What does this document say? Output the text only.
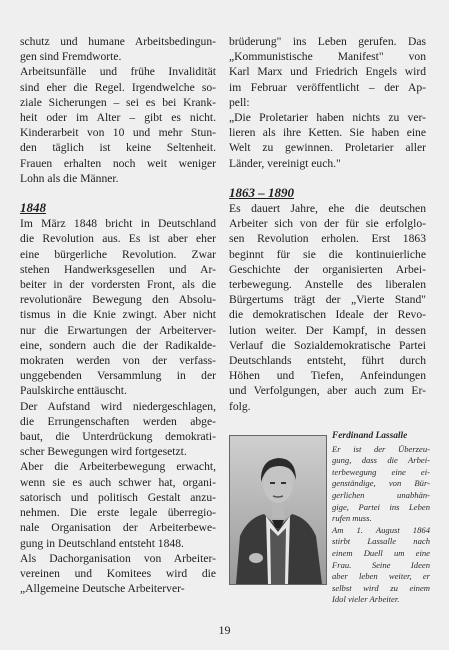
schutz und humane Arbeitsbedingun-
gen sind Fremdworte.
Arbeitsunfälle und frühe Invalidität
sind eher die Regel. Irgendwelche so-
ziale Sicherungen – sei es bei Krank-
heit oder im Alter – gibt es nicht.
Kinderarbeit von 10 und mehr Stun-
den täglich ist keine Seltenheit.
Frauen erhalten noch weit weniger
Lohn als die Männer.
1848
Im März 1848 bricht in Deutschland
die Revolution aus. Es ist aber eher
eine bürgerliche Revolution. Zwar
stehen Handwerksgesellen und Ar-
beiter in der vordersten Front, als die
revolutionäre Bewegung den Absolu-
tismus in die Knie zwingt. Aber nicht
nur die Erwartungen der Arbeiterver-
eine, sondern auch die der Radikalde-
mokraten werden von der verfass-
unggebenden Versammlung in der
Paulskirche enttäuscht.
Der Aufstand wird niedergeschlagen,
die Errungenschaften werden abge-
baut, die Unterdrückung demokrati-
scher Bewegungen wird fortgesetzt.
Aber die Arbeiterbewegung erwacht,
wenn sie es auch schwer hat, organi-
satorisch und politisch Gestalt anzu-
nehmen. Die erste legale überregio-
nale Organisation der Arbeiterbewe-
gung in Deutschland entsteht 1848.
Als Dachorganisation von Arbeiter-
vereinen und Komitees wird die
„Allgemeine Deutsche Arbeiterver-
brüderung" ins Leben gerufen. Das
„Kommunistische Manifest" von
Karl Marx und Friedrich Engels wird
im Februar veröffentlicht – der Ap-
pell:
„Die Proletarier haben nichts zu ver-
lieren als ihre Ketten. Sie haben eine
Welt zu gewinnen. Proletarier aller
Länder, vereinigt euch."
1863 – 1890
Es dauert Jahre, ehe die deutschen
Arbeiter sich von der für sie erfolglo-
sen Revolution erholen. Erst 1863
beginnt für sie die kontinuierliche
Geschichte der organisierten Arbei-
terbewegung. Anstelle des liberalen
Bürgertums trägt der „Vierte Stand"
die demokratischen Ideale der Revo-
lution weiter. Der Kampf, in dessen
Verlauf die Sozialdemokratische Partei
Deutschlands entsteht, führt durch
Höhen und Tiefen, Anfeindungen
und Verfolgungen, aber auch zum Er-
folg.
Ferdinand Lassalle
Er ist der Überzeu-
gung, dass die Arbei-
terbewegung eine ei-
genständige, von Bür-
gerlichen unabhän-
gige, Partei ins Leben
rufen muss.
Am 1. August 1864
stirbt Lassalle nach
einem Duell um eine
Frau. Seine Ideen
aber leben weiter, er
selbst wird zu einem
Idol vieler Arbeiter.
19
